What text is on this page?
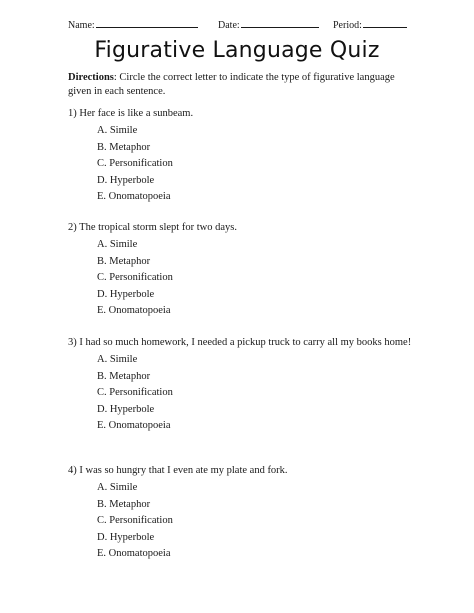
Name:	Date:	Period:
Figurative Language Quiz
Directions: Circle the correct letter to indicate the type of figurative language given in each sentence.

1) Her face is like a sunbeam.

A. Simile
B. Metaphor
C. Personification
D. Hyperbole
E. Onomatopoeia

2) The tropical storm slept for two days.

A. Simile
B. Metaphor
C. Personification
D. Hyperbole
E. Onomatopoeia

3) I had so much homework, I needed a pickup truck to carry all my books home!

A. Simile
B. Metaphor
C. Personification
D. Hyperbole
E. Onomatopoeia

4) I was so hungry that I even ate my plate and fork.

A. Simile
B. Metaphor
C. Personification
D. Hyperbole
E. Onomatopoeia
